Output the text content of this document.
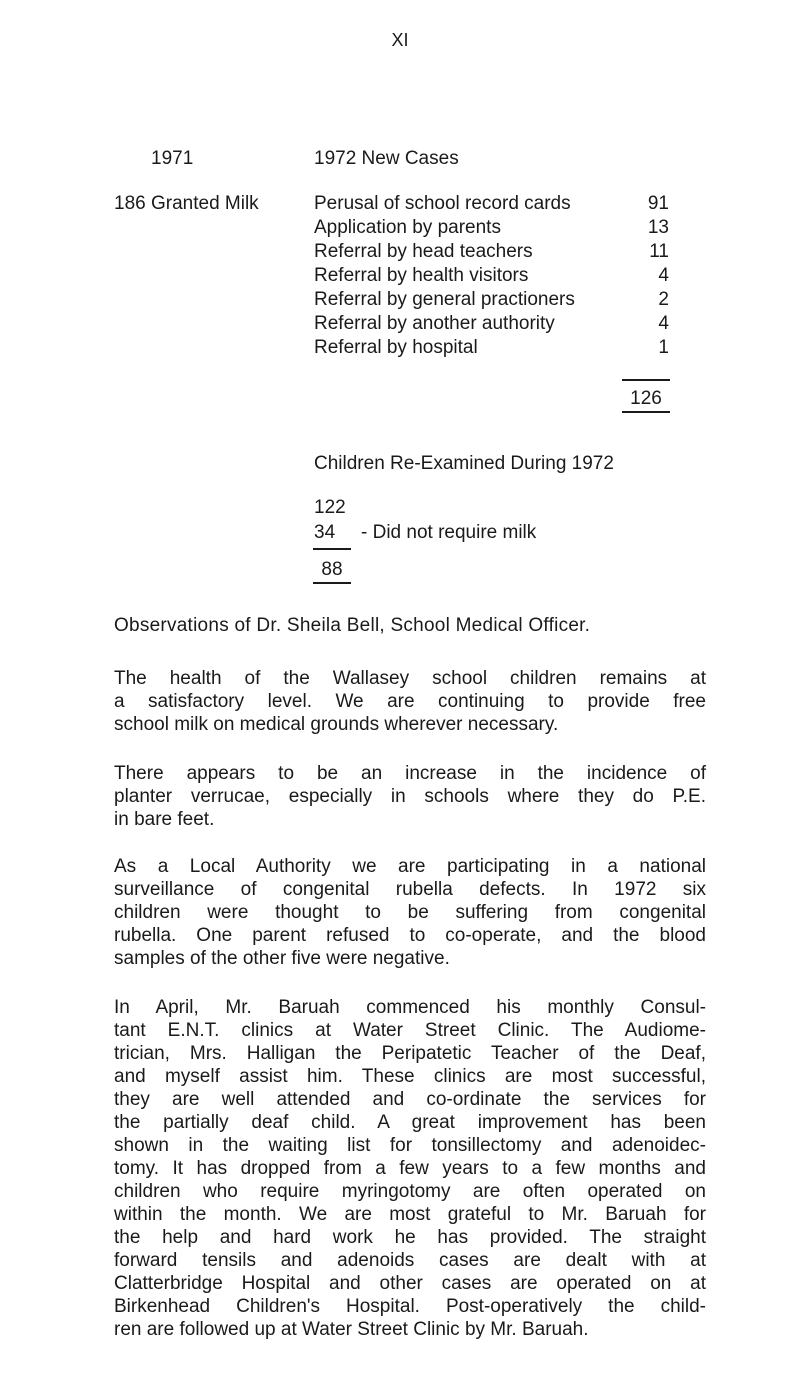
XI
1971	1972 New Cases
186 Granted Milk	Perusal of school record cards	91
Application by parents	13
Referral by head teachers	11
Referral by health visitors	4
Referral by general practioners	2
Referral by another authority	4
Referral by hospital	1
126
Children Re-Examined During 1972
122
34 - Did not require milk
88
Observations of Dr. Sheila Bell, School Medical Officer.
The health of the Wallasey school children remains at
a satisfactory level. We are continuing to provide free
school milk on medical grounds wherever necessary.
There appears to be an increase in the incidence of
planter verrucae, especially in schools where they do P.E.
in bare feet.
As a Local Authority we are participating in a national
surveillance of congenital rubella defects. In 1972 six
children were thought to be suffering from congenital
rubella. One parent refused to co-operate, and the blood
samples of the other five were negative.
In April, Mr. Baruah commenced his monthly Consul-
tant E.N.T. clinics at Water Street Clinic. The Audiome-
trician, Mrs. Halligan the Peripatetic Teacher of the Deaf,
and myself assist him. These clinics are most successful,
they are well attended and co-ordinate the services for
the partially deaf child. A great improvement has been
shown in the waiting list for tonsillectomy and adenoidec-
tomy. It has dropped from a few years to a few months and
children who require myringotomy are often operated on
within the month. We are most grateful to Mr. Baruah for
the help and hard work he has provided. The straight
forward tensils and adenoids cases are dealt with at
Clatterbridge Hospital and other cases are operated on at
Birkenhead Children's Hospital. Post-operatively the child-
ren are followed up at Water Street Clinic by Mr. Baruah.
